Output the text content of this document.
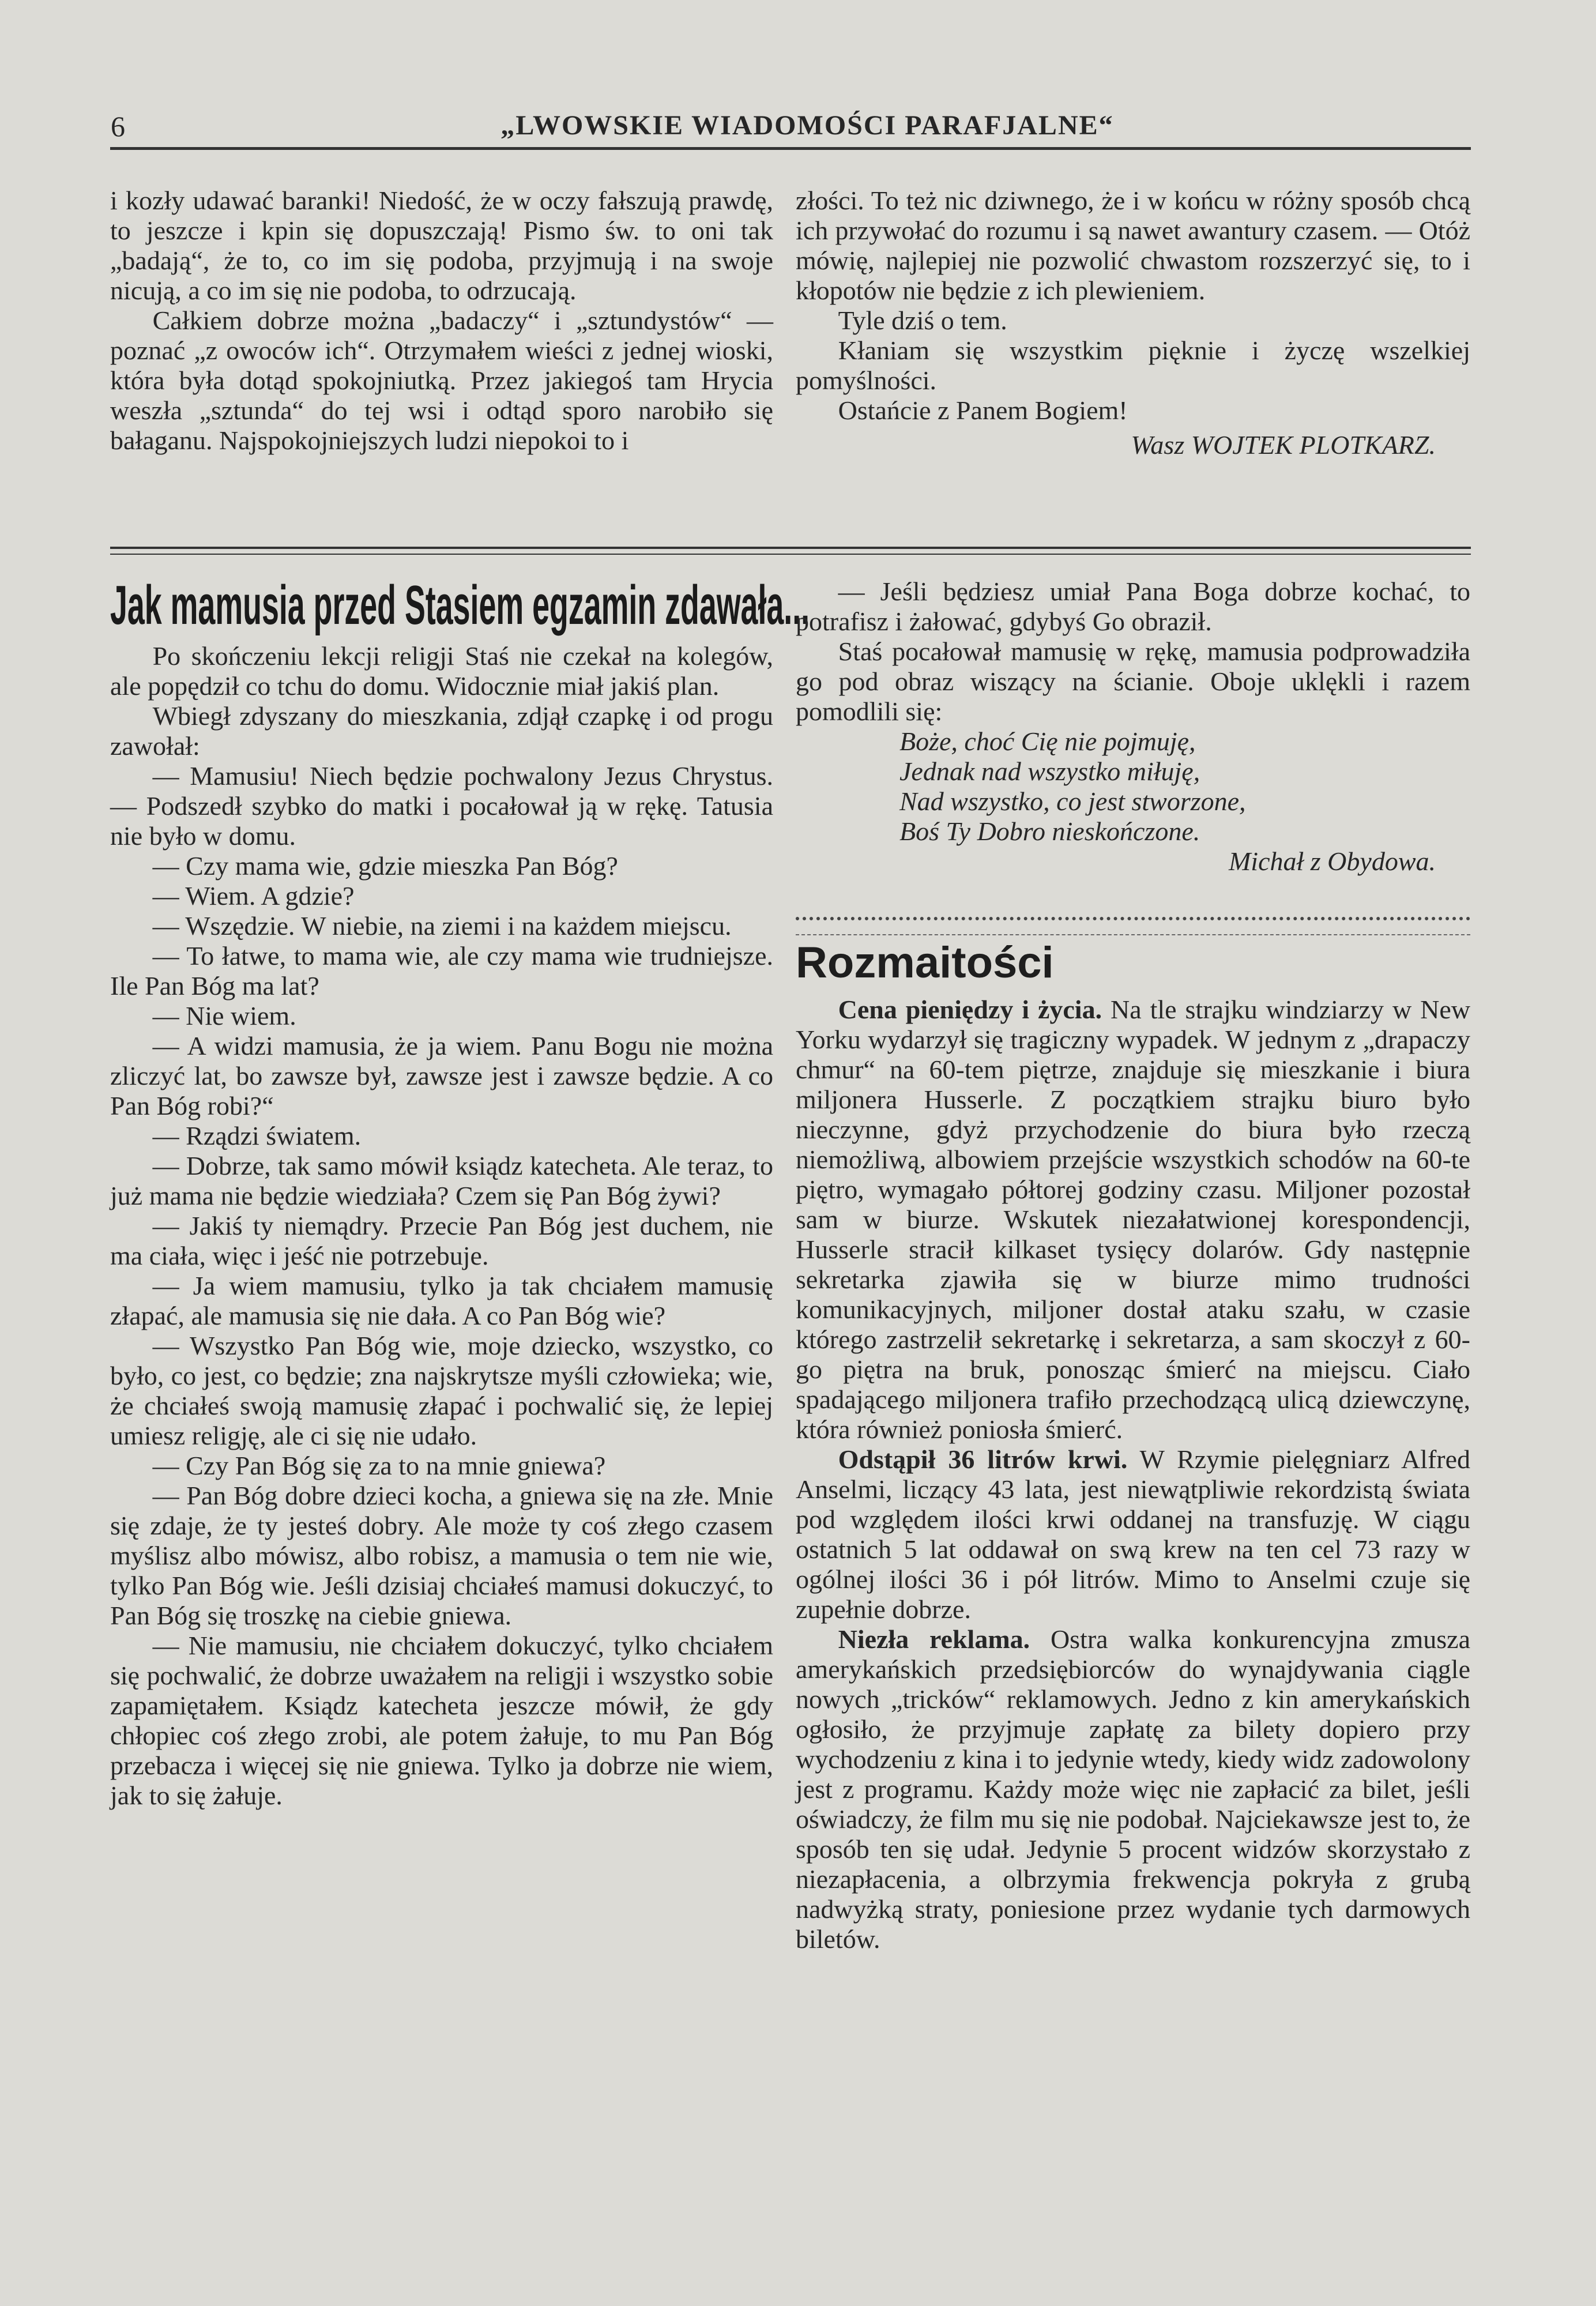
6	„LWOWSKIE WIADOMOŚCI PARAFJALNE“

i kozły udawać baranki! Niedość, że w oczy fałszują prawdę, to jeszcze i kpin się dopuszczają! Pismo św. to oni tak „badają“, że to, co im się podoba, przyjmują i na swoje nicują, a co im się nie podoba, to odrzucają.

Całkiem dobrze można „badaczy“ i „sztundystów“ — poznać „z owoców ich“. Otrzymałem wieści z jednej wioski, która była dotąd spokojniutką. Przez jakiegoś tam Hrycia weszła „sztunda“ do tej wsi i odtąd sporo narobiło się bałaganu. Najspokojniejszych ludzi niepokoi to i

złości. To też nic dziwnego, że i w końcu w różny sposób chcą ich przywołać do rozumu i są nawet awantury czasem. — Otóż mówię, najlepiej nie pozwolić chwastom rozszerzyć się, to i kłopotów nie będzie z ich plewieniem.

Tyle dziś o tem.

Kłaniam się wszystkim pięknie i życzę wszelkiej pomyślności.

Ostańcie z Panem Bogiem!

Wasz WOJTEK PLOTKARZ.

Jak mamusia przed Stasiem egzamin zdawała...

Po skończeniu lekcji religji Staś nie czekał na kolegów, ale popędził co tchu do domu. Widocznie miał jakiś plan.

Wbiegł zdyszany do mieszkania, zdjął czapkę i od progu zawołał:

— Mamusiu! Niech będzie pochwalony Jezus Chrystus. — Podszedł szybko do matki i pocałował ją w rękę. Tatusia nie było w domu.

— Czy mama wie, gdzie mieszka Pan Bóg?

— Wiem. A gdzie?

— Wszędzie. W niebie, na ziemi i na każdem miejscu.

— To łatwe, to mama wie, ale czy mama wie trudniejsze. Ile Pan Bóg ma lat?

— Nie wiem.

— A widzi mamusia, że ja wiem. Panu Bogu nie można zliczyć lat, bo zawsze był, zawsze jest i zawsze będzie. A co Pan Bóg robi?“

— Rządzi światem.

— Dobrze, tak samo mówił ksiądz katecheta. Ale teraz, to już mama nie będzie wiedziała? Czem się Pan Bóg żywi?

— Jakiś ty niemądry. Przecie Pan Bóg jest duchem, nie ma ciała, więc i jeść nie potrzebuje.

— Ja wiem mamusiu, tylko ja tak chciałem mamusię złapać, ale mamusia się nie dała. A co Pan Bóg wie?

— Wszystko Pan Bóg wie, moje dziecko, wszystko, co było, co jest, co będzie; zna najskrytsze myśli człowieka; wie, że chciałeś swoją mamusię złapać i pochwalić się, że lepiej umiesz religję, ale ci się nie udało.

— Czy Pan Bóg się za to na mnie gniewa?

— Pan Bóg dobre dzieci kocha, a gniewa się na złe. Mnie się zdaje, że ty jesteś dobry. Ale może ty coś złego czasem myślisz albo mówisz, albo robisz, a mamusia o tem nie wie, tylko Pan Bóg wie. Jeśli dzisiaj chciałeś mamusi dokuczyć, to Pan Bóg się troszkę na ciebie gniewa.

— Nie mamusiu, nie chciałem dokuczyć, tylko chciałem się pochwalić, że dobrze uważałem na religji i wszystko sobie zapamiętałem. Ksiądz katecheta jeszcze mówił, że gdy chłopiec coś złego zrobi, ale potem żałuje, to mu Pan Bóg przebacza i więcej się nie gniewa. Tylko ja dobrze nie wiem, jak to się żałuje.

— Jeśli będziesz umiał Pana Boga dobrze kochać, to potrafisz i żałować, gdybyś Go obraził.

Staś pocałował mamusię w rękę, mamusia podprowadziła go pod obraz wiszący na ścianie. Oboje uklękli i razem pomodlili się:

Boże, choć Cię nie pojmuję,
Jednak nad wszystko miłuję,
Nad wszystko, co jest stworzone,
Boś Ty Dobro nieskończone.

Michał z Obydowa.

Rozmaitości

Cena pieniędzy i życia. Na tle strajku windziarzy w New Yorku wydarzył się tragiczny wypadek. W jednym z „drapaczy chmur“ na 60-tem piętrze, znajduje się mieszkanie i biura miljonera Husserle. Z początkiem strajku biuro było nieczynne, gdyż przychodzenie do biura było rzeczą niemożliwą, albowiem przejście wszystkich schodów na 60-te piętro, wymagało półtorej godziny czasu. Miljoner pozostał sam w biurze. Wskutek niezałatwionej korespondencji, Husserle stracił kilkaset tysięcy dolarów. Gdy następnie sekretarka zjawiła się w biurze mimo trudności komunikacyjnych, miljoner dostał ataku szału, w czasie którego zastrzelił sekretarkę i sekretarza, a sam skoczył z 60-go piętra na bruk, ponosząc śmierć na miejscu. Ciało spadającego miljonera trafiło przechodzącą ulicą dziewczynę, która również poniosła śmierć.

Odstąpił 36 litrów krwi. W Rzymie pielęgniarz Alfred Anselmi, liczący 43 lata, jest niewątpliwie rekordzistą świata pod względem ilości krwi oddanej na transfuzję. W ciągu ostatnich 5 lat oddawał on swą krew na ten cel 73 razy w ogólnej ilości 36 i pół litrów. Mimo to Anselmi czuje się zupełnie dobrze.

Niezła reklama. Ostra walka konkurencyjna zmusza amerykańskich przedsiębiorców do wynajdywania ciągle nowych „tricków“ reklamowych. Jedno z kin amerykańskich ogłosiło, że przyjmuje zapłatę za bilety dopiero przy wychodzeniu z kina i to jedynie wtedy, kiedy widz zadowolony jest z programu. Każdy może więc nie zapłacić za bilet, jeśli oświadczy, że film mu się nie podobał. Najciekawsze jest to, że sposób ten się udał. Jedynie 5 procent widzów skorzystało z niezapłacenia, a olbrzymia frekwencja pokryła z grubą nadwyżką straty, poniesione przez wydanie tych darmowych biletów.
